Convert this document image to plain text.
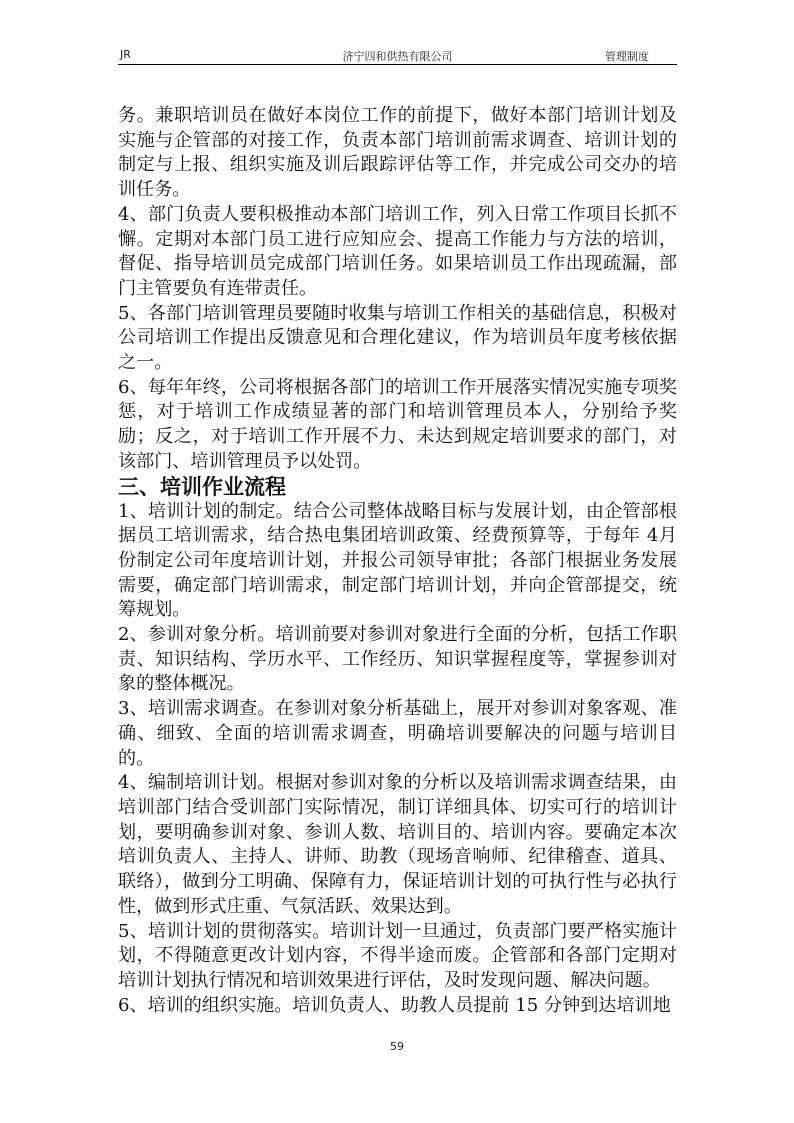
JR	济宁四和供热有限公司	管理制度

务。兼职培训员在做好本岗位工作的前提下，做好本部门培训计划及实施与企管部的对接工作，负责本部门培训前需求调查、培训计划的制定与上报、组织实施及训后跟踪评估等工作，并完成公司交办的培训任务。

4、部门负责人要积极推动本部门培训工作，列入日常工作项目长抓不懈。定期对本部门员工进行应知应会、提高工作能力与方法的培训，督促、指导培训员完成部门培训任务。如果培训员工作出现疏漏，部门主管要负有连带责任。

5、各部门培训管理员要随时收集与培训工作相关的基础信息，积极对公司培训工作提出反馈意见和合理化建议，作为培训员年度考核依据之一。

6、每年年终，公司将根据各部门的培训工作开展落实情况实施专项奖惩，对于培训工作成绩显著的部门和培训管理员本人，分别给予奖励；反之，对于培训工作开展不力、未达到规定培训要求的部门，对该部门、培训管理员予以处罚。

三、培训作业流程

1、培训计划的制定。结合公司整体战略目标与发展计划，由企管部根据员工培训需求，结合热电集团培训政策、经费预算等，于每年 4月份制定公司年度培训计划，并报公司领导审批；各部门根据业务发展需要，确定部门培训需求，制定部门培训计划，并向企管部提交，统筹规划。

2、参训对象分析。培训前要对参训对象进行全面的分析，包括工作职责、知识结构、学历水平、工作经历、知识掌握程度等，掌握参训对象的整体概况。

3、培训需求调查。在参训对象分析基础上，展开对参训对象客观、准确、细致、全面的培训需求调查，明确培训要解决的问题与培训目的。

4、编制培训计划。根据对参训对象的分析以及培训需求调查结果，由培训部门结合受训部门实际情况，制订详细具体、切实可行的培训计划，要明确参训对象、参训人数、培训目的、培训内容。要确定本次培训负责人、主持人、讲师、助教（现场音响师、纪律稽查、道具、联络），做到分工明确、保障有力，保证培训计划的可执行性与必执行性，做到形式庄重、气氛活跃、效果达到。

5、培训计划的贯彻落实。培训计划一旦通过，负责部门要严格实施计划，不得随意更改计划内容，不得半途而废。企管部和各部门定期对培训计划执行情况和培训效果进行评估，及时发现问题、解决问题。

6、培训的组织实施。培训负责人、助教人员提前 15 分钟到达培训地

59
